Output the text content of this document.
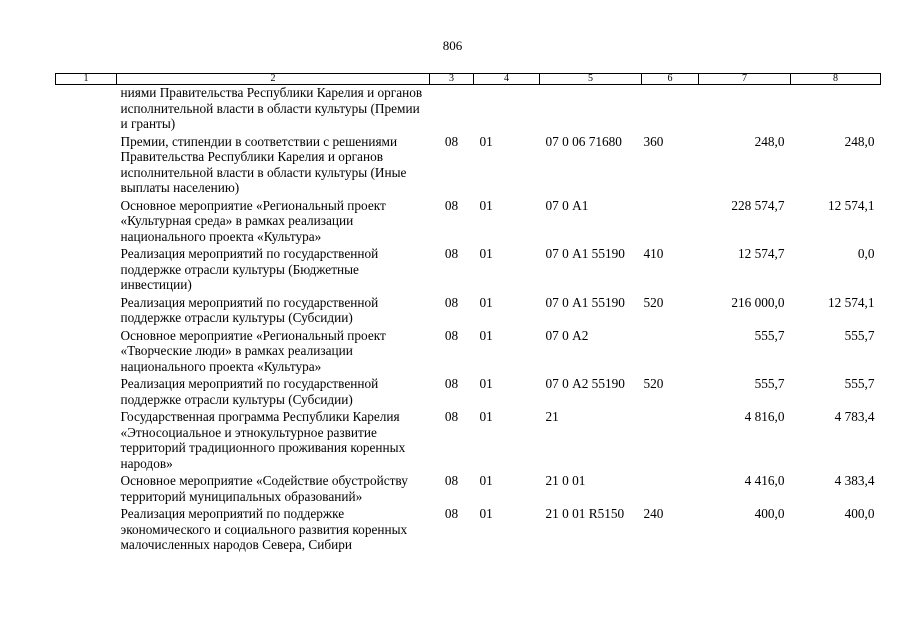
806
1	2	3	4	5	6	7	8
	ниями Правительства Республики Карелия и органов исполнительной власти в области культуры (Премии и гранты)						
	Премии, стипендии в соответствии с решениями Правительства Республики Карелия и органов исполнительной власти в области культуры (Иные выплаты населению)	08	01	07 0 06 71680	360	248,0	248,0
	Основное мероприятие «Региональный проект «Культурная среда» в рамках реализации национального проекта «Культура»	08	01	07 0 А1		228 574,7	12 574,1
	Реализация мероприятий по государственной поддержке отрасли культуры (Бюджетные инвестиции)	08	01	07 0 А1 55190	410	12 574,7	0,0
	Реализация мероприятий по государственной поддержке отрасли культуры (Субсидии)	08	01	07 0 А1 55190	520	216 000,0	12 574,1
	Основное мероприятие «Региональный проект «Творческие люди» в рамках реализации национального проекта «Культура»	08	01	07 0 А2		555,7	555,7
	Реализация мероприятий по государственной поддержке отрасли культуры (Субсидии)	08	01	07 0 А2 55190	520	555,7	555,7
	Государственная программа Республики Карелия «Этносоциальное и этнокультурное развитие территорий традиционного проживания коренных народов»	08	01	21		4 816,0	4 783,4
	Основное мероприятие «Содействие обустройству территорий муниципальных образований»	08	01	21 0 01		4 416,0	4 383,4
	Реализация мероприятий по поддержке экономического и социального развития коренных малочисленных народов Севера, Сибири	08	01	21 0 01 R5150	240	400,0	400,0
